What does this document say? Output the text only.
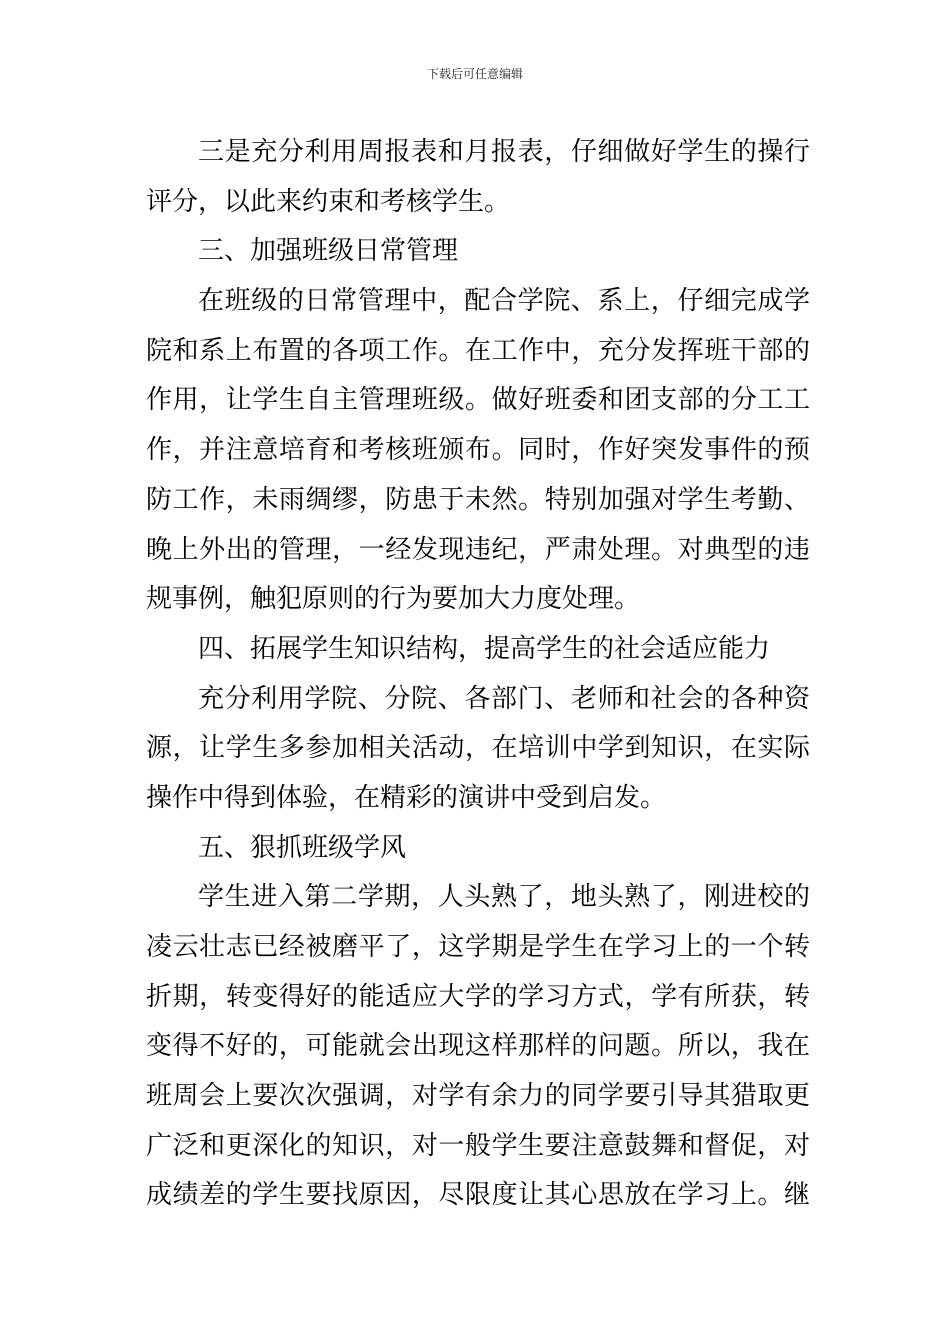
下载后可任意编辑
三是充分利用周报表和月报表，仔细做好学生的操行
评分，以此来约束和考核学生。
三、加强班级日常管理
在班级的日常管理中，配合学院、系上，仔细完成学
院和系上布置的各项工作。在工作中，充分发挥班干部的
作用，让学生自主管理班级。做好班委和团支部的分工工
作，并注意培育和考核班颁布。同时，作好突发事件的预
防工作，未雨绸缪，防患于未然。特别加强对学生考勤、
晚上外出的管理，一经发现违纪，严肃处理。对典型的违
规事例，触犯原则的行为要加大力度处理。
四、拓展学生知识结构，提高学生的社会适应能力
充分利用学院、分院、各部门、老师和社会的各种资
源，让学生多参加相关活动，在培训中学到知识，在实际
操作中得到体验，在精彩的演讲中受到启发。
五、狠抓班级学风
学生进入第二学期，人头熟了，地头熟了，刚进校的
凌云壮志已经被磨平了，这学期是学生在学习上的一个转
折期，转变得好的能适应大学的学习方式，学有所获，转
变得不好的，可能就会出现这样那样的问题。所以，我在
班周会上要次次强调，对学有余力的同学要引导其猎取更
广泛和更深化的知识，对一般学生要注意鼓舞和督促，对
成绩差的学生要找原因，尽限度让其心思放在学习上。继
